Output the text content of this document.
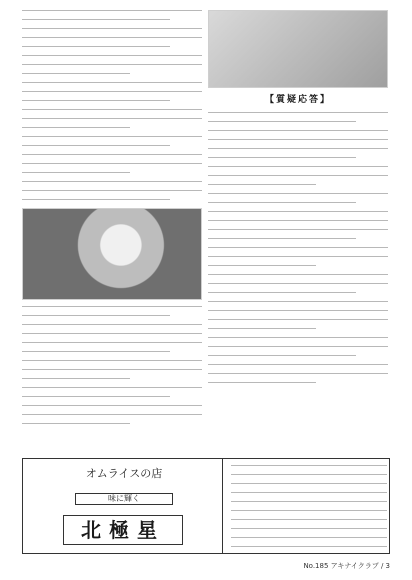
【質疑応答】
オムライスの店
味に輝く
北極星
No.185 アキナイクラブ / 3
